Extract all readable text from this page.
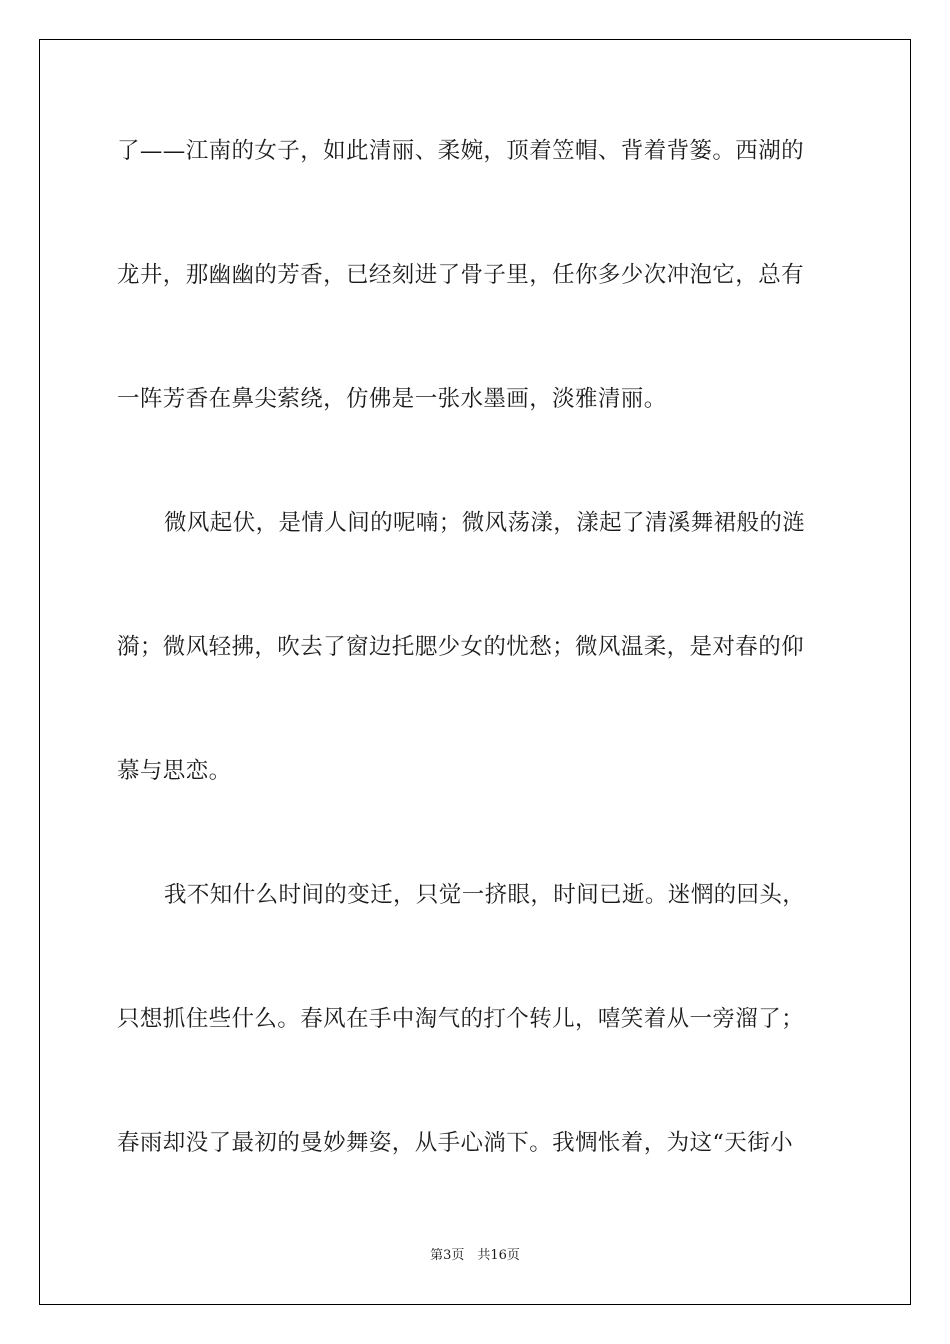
了——江南的女子，如此清丽、柔婉，顶着笠帽、背着背篓。西湖的
龙井，那幽幽的芳香，已经刻进了骨子里，任你多少次冲泡它，总有
一阵芳香在鼻尖萦绕，仿佛是一张水墨画，淡雅清丽。
微风起伏，是情人间的呢喃；微风荡漾，漾起了清溪舞裙般的涟
漪；微风轻拂，吹去了窗边托腮少女的忧愁；微风温柔，是对春的仰
慕与思恋。
我不知什么时间的变迁，只觉一挤眼，时间已逝。迷惘的回头，
只想抓住些什么。春风在手中淘气的打个转儿，嘻笑着从一旁溜了；
春雨却没了最初的曼妙舞姿，从手心淌下。我惆怅着，为这“天街小
第3页　共16页
